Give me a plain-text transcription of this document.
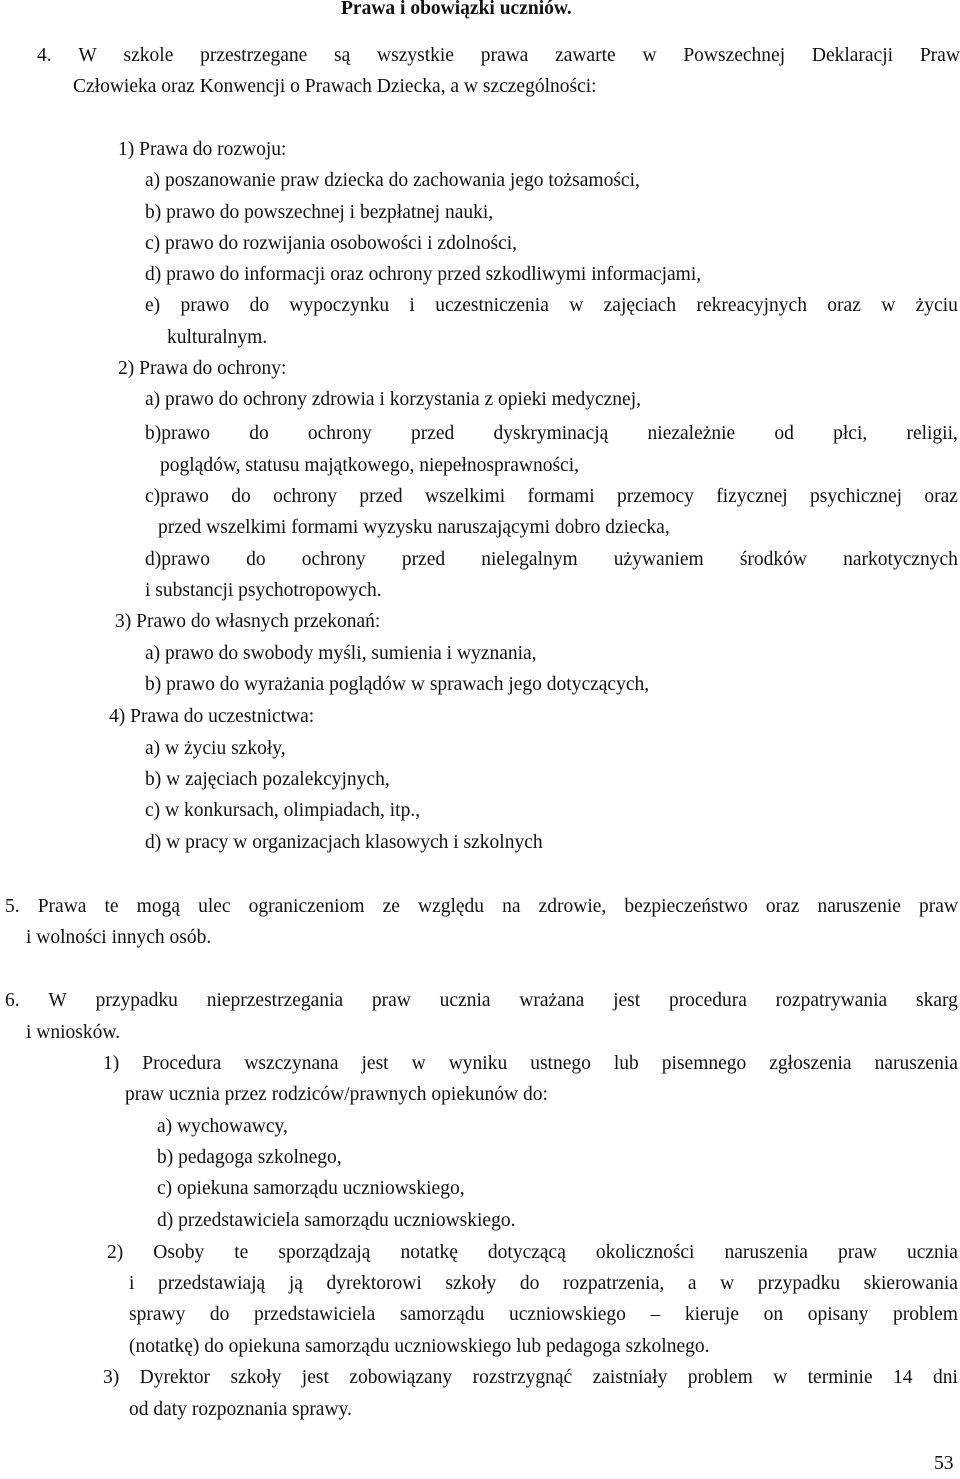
Prawa i obowiązki uczniów.
4. W szkole przestrzegane są wszystkie prawa zawarte w Powszechnej Deklaracji Praw
Człowieka oraz Konwencji o Prawach Dziecka, a w szczególności:
1) Prawa do rozwoju:
a) poszanowanie praw dziecka do zachowania jego tożsamości,
b) prawo do powszechnej i bezpłatnej nauki,
c) prawo do rozwijania osobowości i zdolności,
d) prawo do informacji oraz ochrony przed szkodliwymi informacjami,
e) prawo do wypoczynku i uczestniczenia w zajęciach rekreacyjnych oraz w życiu
kulturalnym.
2) Prawa do ochrony:
a) prawo do ochrony zdrowia i korzystania z opieki medycznej,
b)prawo do ochrony przed dyskryminacją niezależnie od płci, religii,
poglądów, statusu majątkowego, niepełnosprawności,
c)prawo do ochrony przed wszelkimi formami przemocy fizycznej psychicznej oraz
przed wszelkimi formami wyzysku naruszającymi dobro dziecka,
d)prawo do ochrony przed nielegalnym używaniem środków narkotycznych
i substancji psychotropowych.
3) Prawo do własnych przekonań:
a) prawo do swobody myśli, sumienia i wyznania,
b) prawo do wyrażania poglądów w sprawach jego dotyczących,
4) Prawa do uczestnictwa:
a) w życiu szkoły,
b) w zajęciach pozalekcyjnych,
c) w konkursach, olimpiadach, itp.,
d) w pracy w organizacjach klasowych i szkolnych
5. Prawa te mogą ulec ograniczeniom ze względu na zdrowie, bezpieczeństwo oraz naruszenie praw
i wolności innych osób.
6. W przypadku nieprzestrzegania praw ucznia wrażana jest procedura rozpatrywania skarg
i wniosków.
1) Procedura wszczynana jest w wyniku ustnego lub pisemnego zgłoszenia naruszenia
praw ucznia przez rodziców/prawnych opiekunów do:
a) wychowawcy,
b) pedagoga szkolnego,
c) opiekuna samorządu uczniowskiego,
d) przedstawiciela samorządu uczniowskiego.
2) Osoby te sporządzają notatkę dotyczącą okoliczności naruszenia praw ucznia
i przedstawiają ją dyrektorowi szkoły do rozpatrzenia, a w przypadku skierowania
sprawy do przedstawiciela samorządu uczniowskiego – kieruje on opisany problem
(notatkę) do opiekuna samorządu uczniowskiego lub pedagoga szkolnego.
3) Dyrektor szkoły jest zobowiązany rozstrzygnąć zaistniały problem w terminie 14 dni
od daty rozpoznania sprawy.
53
